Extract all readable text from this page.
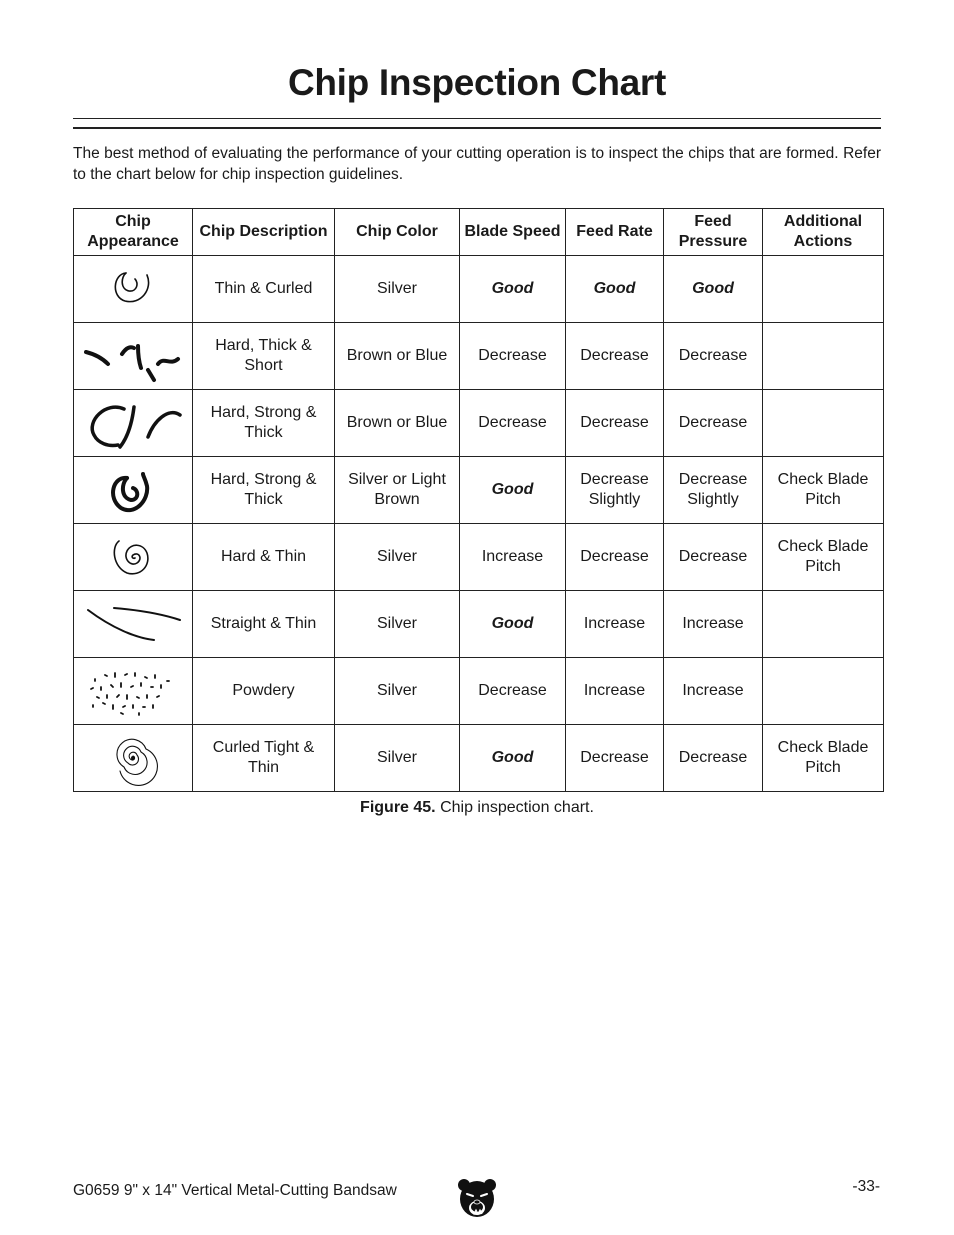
Chip Inspection Chart

The best method of evaluating the performance of your cutting operation is to inspect the chips that are formed. Refer to the chart below for chip inspection guidelines.

Chip Appearance	Chip Description	Chip Color	Blade Speed	Feed Rate	Feed Pressure	Additional Actions

	Thin & Curled	Silver	Good	Good	Good	

	Hard, Thick & Short	Brown or Blue	Decrease	Decrease	Decrease	

	Hard, Strong & Thick	Brown or Blue	Decrease	Decrease	Decrease	

	Hard, Strong & Thick	Silver or Light Brown	Good	Decrease Slightly	Decrease Slightly	Check Blade Pitch

	Hard & Thin	Silver	Increase	Decrease	Decrease	Check Blade Pitch

	Straight & Thin	Silver	Good	Increase	Increase	

	Powdery	Silver	Decrease	Increase	Increase	

	Curled Tight & Thin	Silver	Good	Decrease	Decrease	Check Blade Pitch

Figure 45. Chip inspection chart.

G0659 9" x 14" Vertical Metal-Cutting Bandsaw	-33-
